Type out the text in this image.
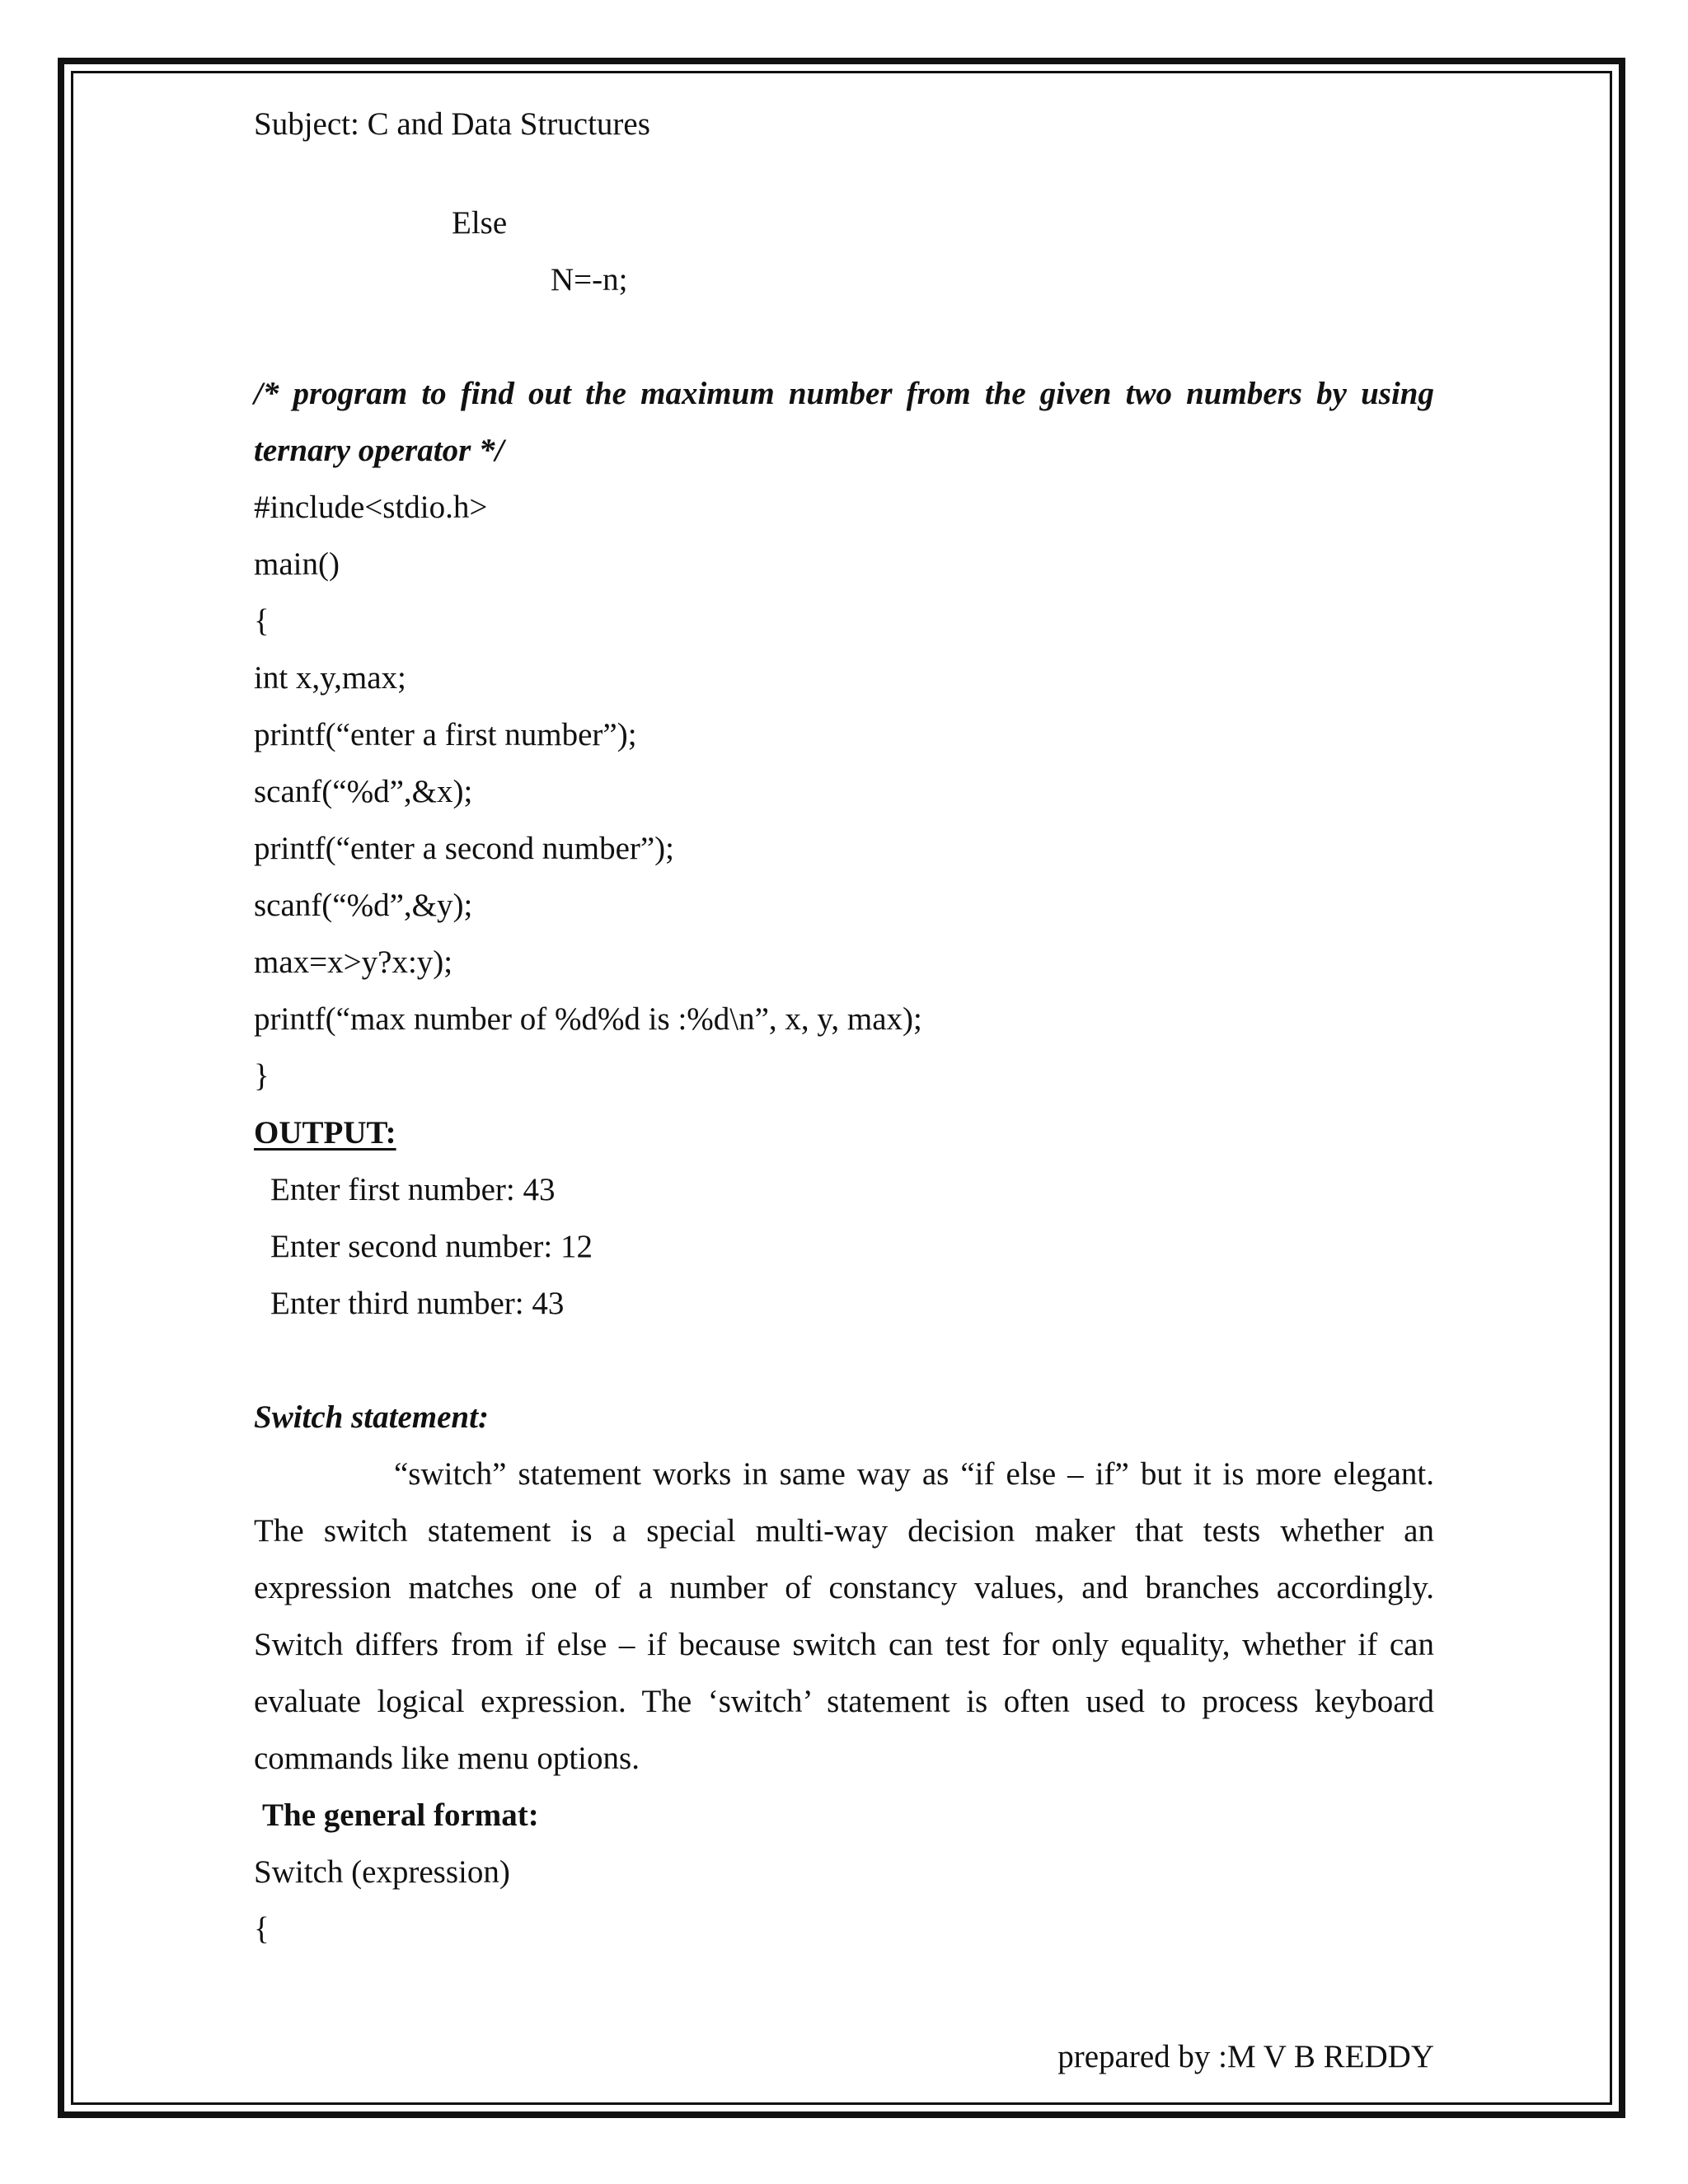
Subject: C and Data Structures
Else
N=-n;
/* program to find out the maximum number from the given two numbers by using
ternary operator */
#include<stdio.h>
main()
{
int x,y,max;
printf(“enter a first number”);
scanf(“%d”,&x);
printf(“enter a second number”);
scanf(“%d”,&y);
max=x>y?x:y);
printf(“max number of %d%d is :%d\n”, x, y, max);
}
OUTPUT:
Enter first number: 43
Enter second number: 12
Enter third number: 43
Switch statement:
“switch” statement works in same way as “if else – if” but it is more elegant.
The switch statement is a special multi-way decision maker that tests whether an
expression matches one of a number of constancy values, and branches accordingly.
Switch differs from if else – if because switch can test for only equality, whether if can
evaluate logical expression. The ‘switch’ statement is often used to process keyboard
commands like menu options.
The general format:
Switch (expression)
{
prepared by :M V B REDDY
